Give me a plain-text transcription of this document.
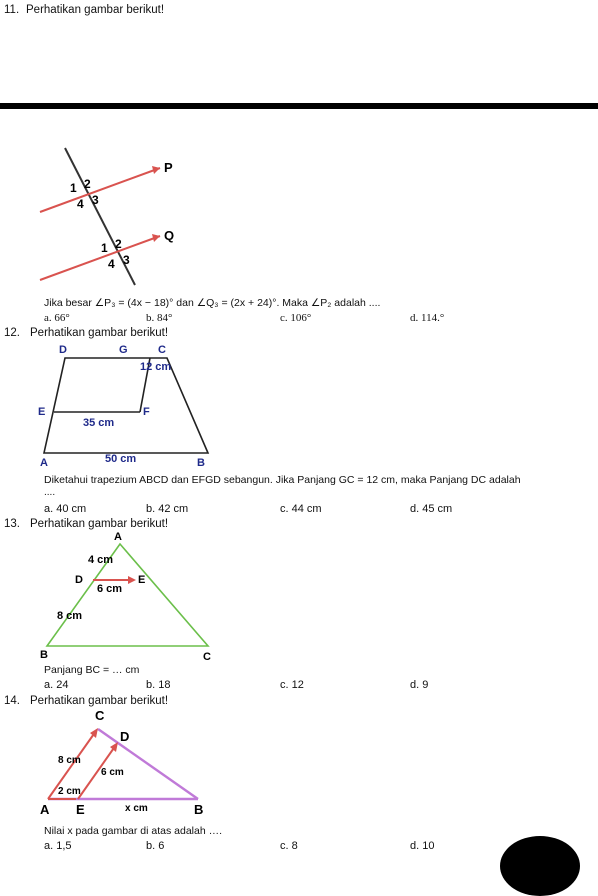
11. Perhatikan gambar berikut!
P
Q
1 2
4 3
1 2
4 3
Jika besar ∠P₃ = (4x − 18)° dan ∠Q₃ = (2x + 24)°. Maka ∠P₂ adalah ....
a. 66°	b. 84°	c. 106°	d. 114.°
12. Perhatikan gambar berikut!
D	G	C
E	F
A	B
12 cm
35 cm
50 cm
Diketahui trapezium ABCD dan EFGD sebangun. Jika Panjang GC = 12 cm, maka Panjang DC adalah
....
a. 40 cm	b. 42 cm	c. 44 cm	d. 45 cm
13. Perhatikan gambar berikut!
A
D	E
B	C
4 cm
6 cm
8 cm
Panjang BC = … cm
a. 24	b. 18	c. 12	d. 9
14. Perhatikan gambar berikut!
C
D
A E	B
8 cm
6 cm
2 cm
x cm
Nilai x pada gambar di atas adalah ….
a. 1,5	b. 6	c. 8	d. 10
